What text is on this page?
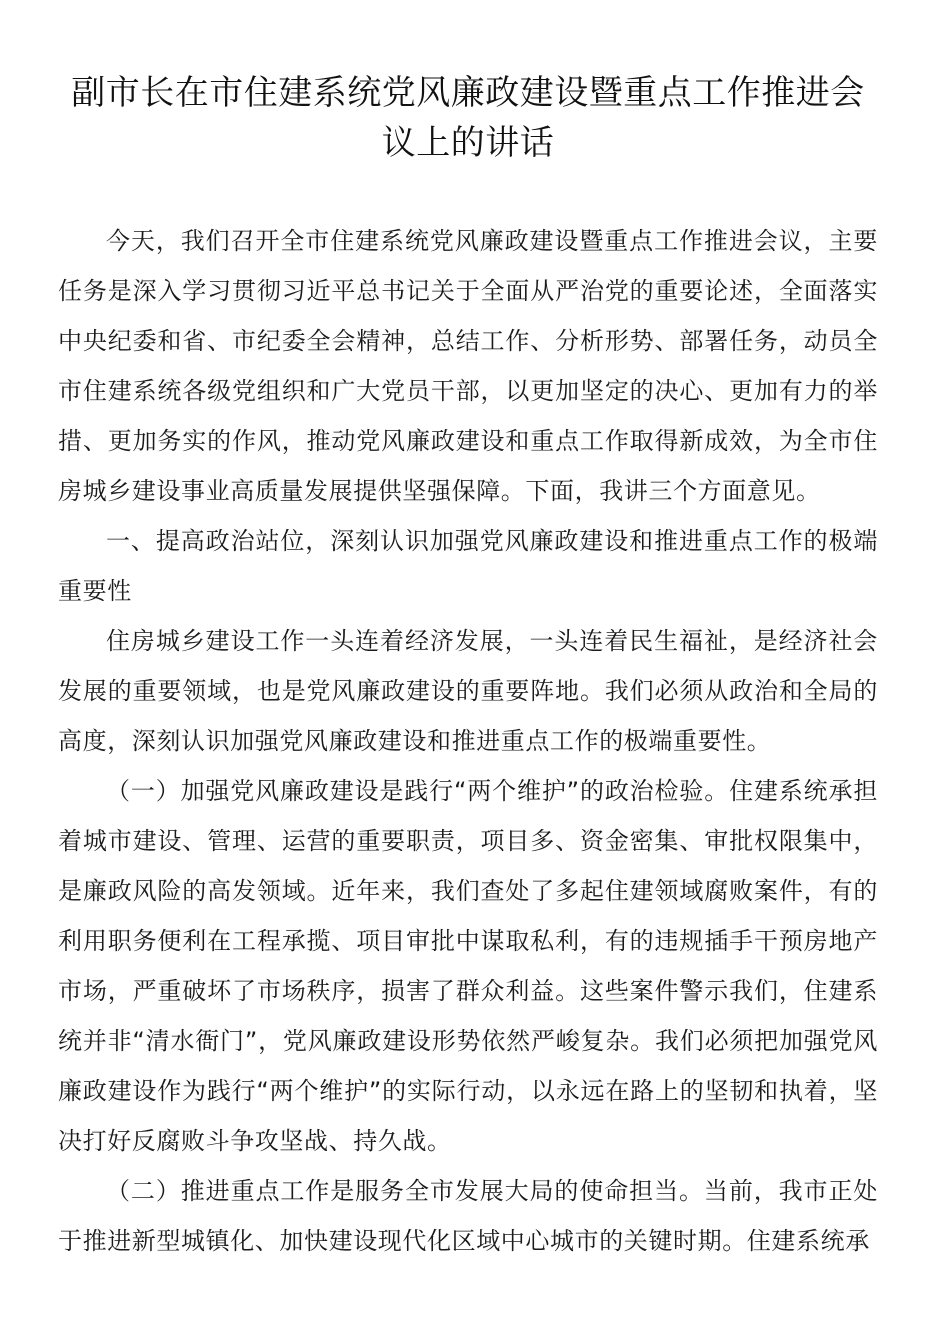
副市长在市住建系统党风廉政建设暨重点工作推进会议上的讲话

今天，我们召开全市住建系统党风廉政建设暨重点工作推进会议，主要任务是深入学习贯彻习近平总书记关于全面从严治党的重要论述，全面落实中央纪委和省、市纪委全会精神，总结工作、分析形势、部署任务，动员全市住建系统各级党组织和广大党员干部，以更加坚定的决心、更加有力的举措、更加务实的作风，推动党风廉政建设和重点工作取得新成效，为全市住房城乡建设事业高质量发展提供坚强保障。下面，我讲三个方面意见。

一、提高政治站位，深刻认识加强党风廉政建设和推进重点工作的极端重要性

住房城乡建设工作一头连着经济发展，一头连着民生福祉，是经济社会发展的重要领域，也是党风廉政建设的重要阵地。我们必须从政治和全局的高度，深刻认识加强党风廉政建设和推进重点工作的极端重要性。

（一）加强党风廉政建设是践行“两个维护”的政治检验。住建系统承担着城市建设、管理、运营的重要职责，项目多、资金密集、审批权限集中，是廉政风险的高发领域。近年来，我们查处了多起住建领域腐败案件，有的利用职务便利在工程承揽、项目审批中谋取私利，有的违规插手干预房地产市场，严重破坏了市场秩序，损害了群众利益。这些案件警示我们，住建系统并非“清水衙门”，党风廉政建设形势依然严峻复杂。我们必须把加强党风廉政建设作为践行“两个维护”的实际行动，以永远在路上的坚韧和执着，坚决打好反腐败斗争攻坚战、持久战。

（二）推进重点工作是服务全市发展大局的使命担当。当前，我市正处于推进新型城镇化、加快建设现代化区域中心城市的关键时期。住建系统承
